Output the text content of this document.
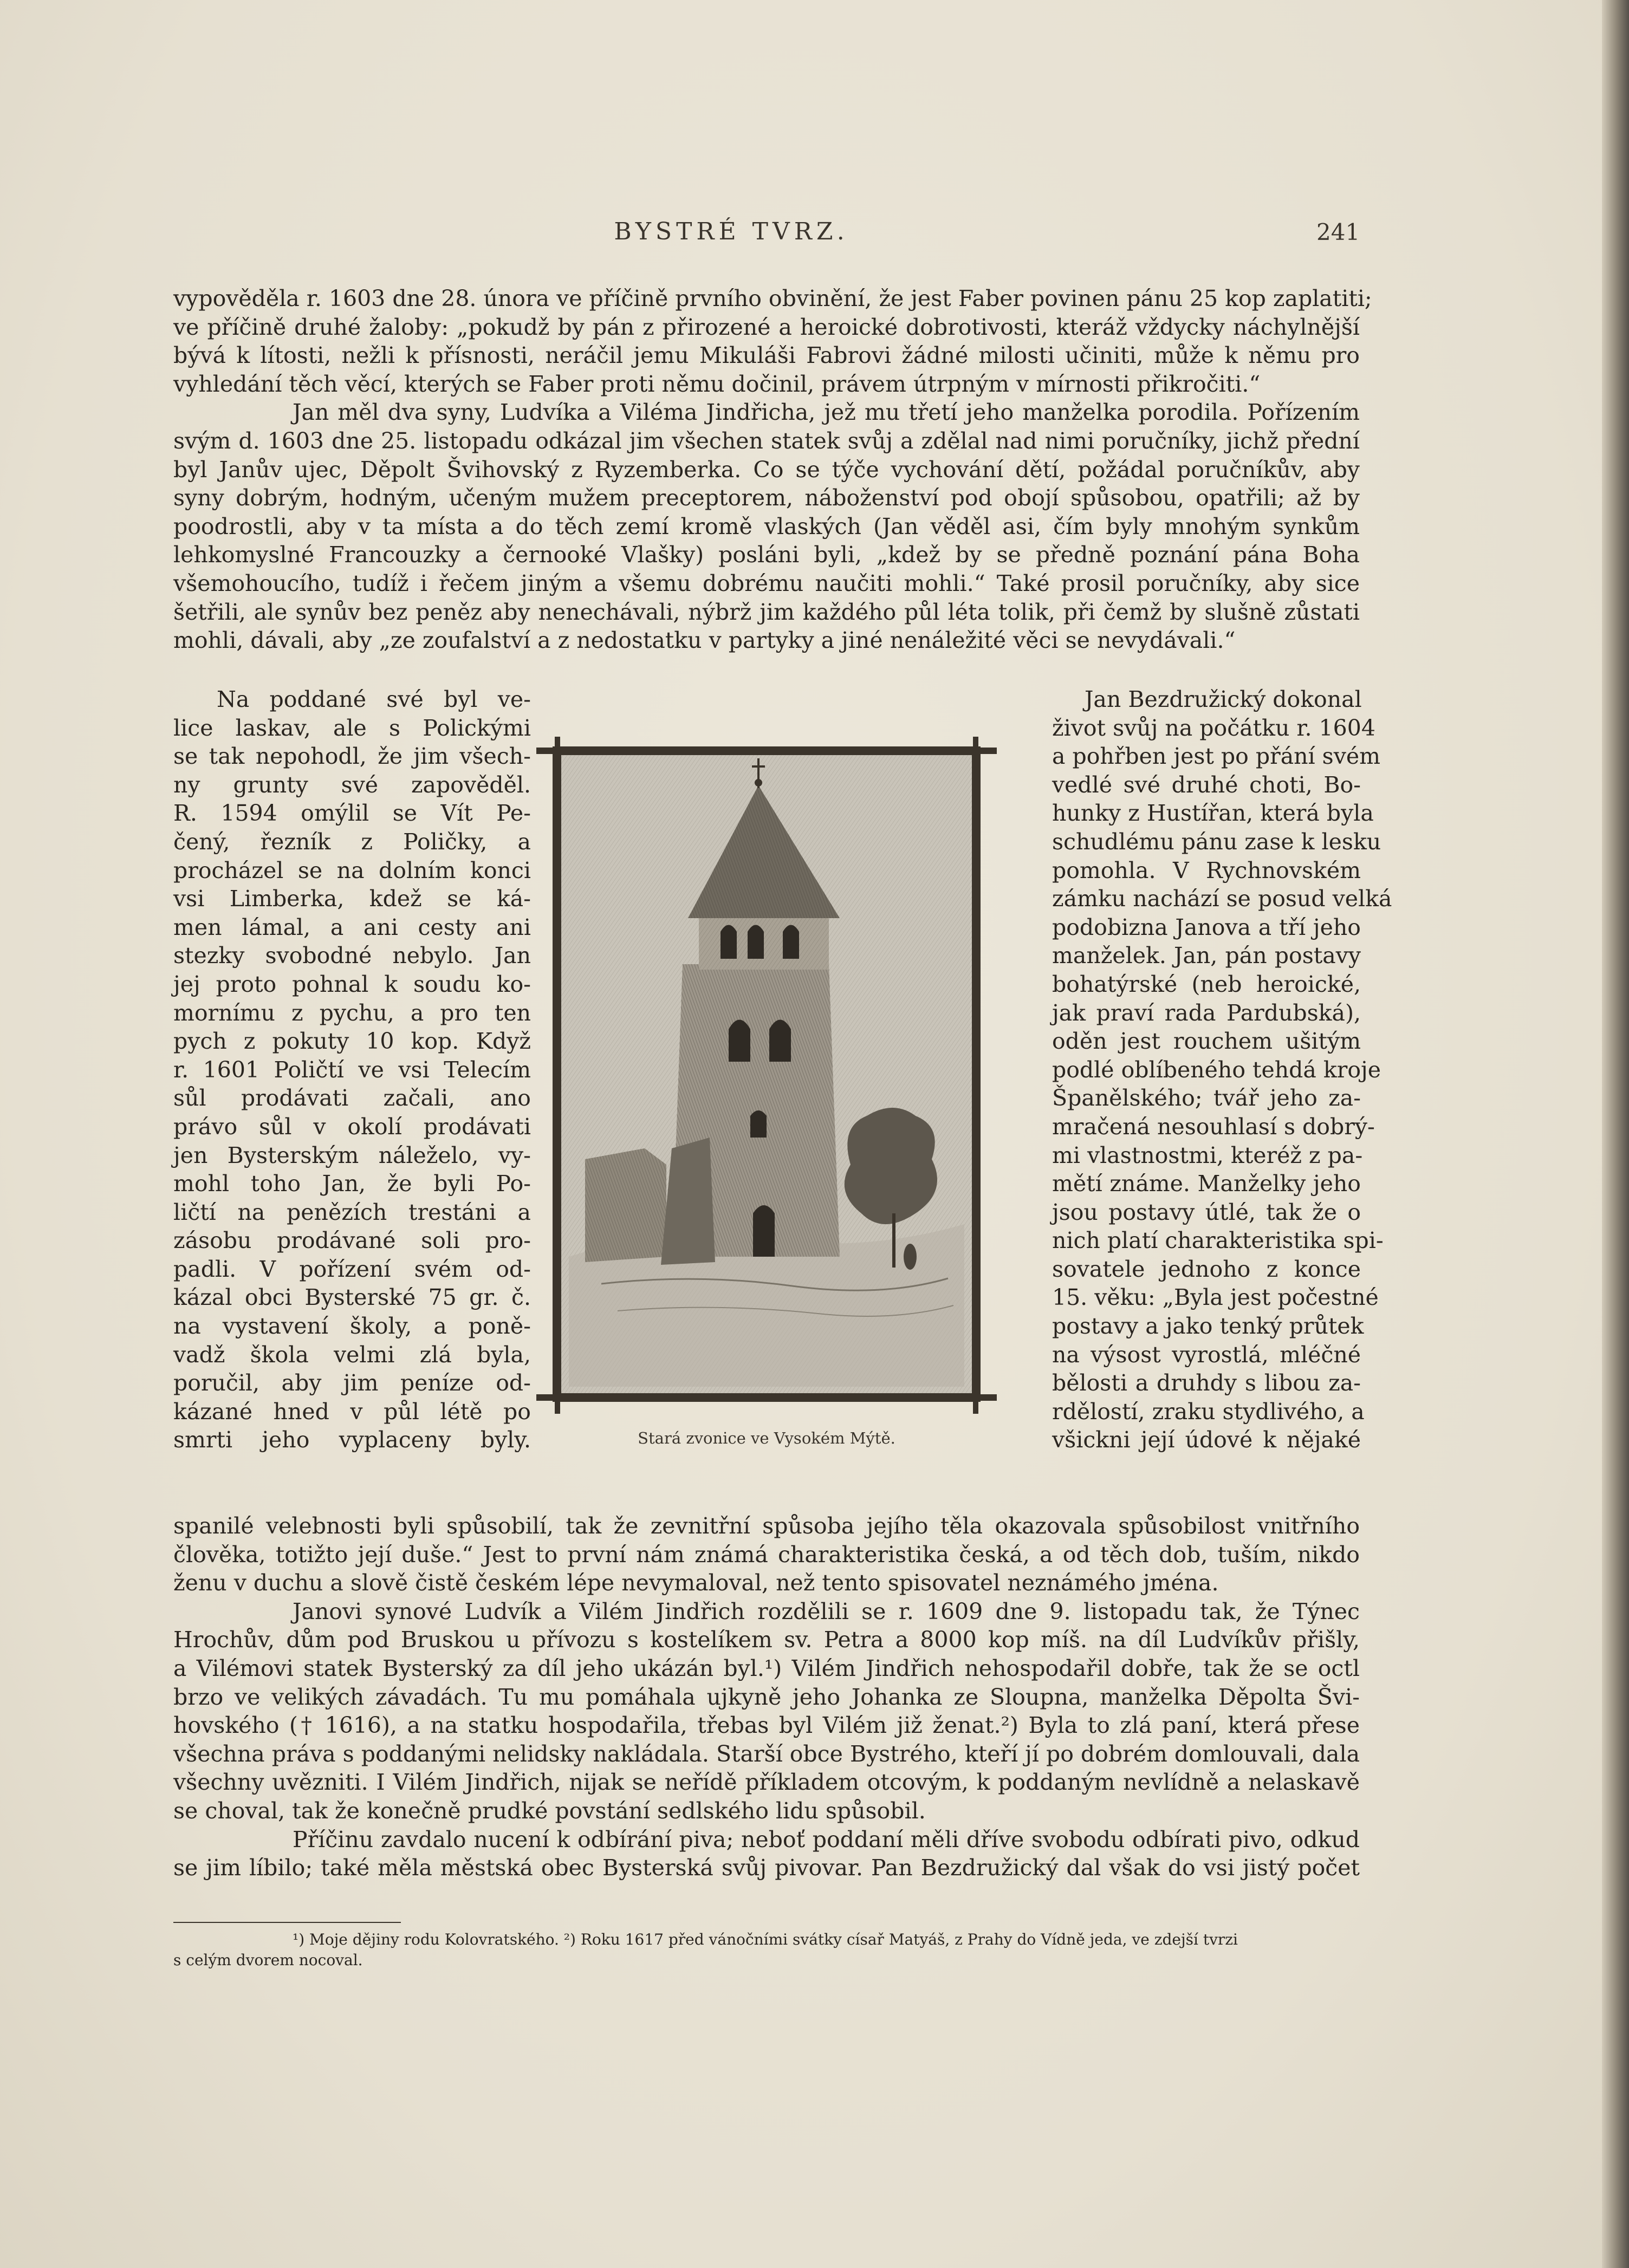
BYSTRÉ TVRZ.	241

vypověděla r. 1603 dne 28. února ve příčině prvního obvinění, že jest Faber povinen pánu 25 kop zaplatiti;

ve příčině druhé žaloby: „pokudž by pán z přirozené a heroické dobrotivosti, kteráž vždycky náchylnější

bývá k lítosti, nežli k přísnosti, neráčil jemu Mikuláši Fabrovi žádné milosti učiniti, může k němu pro

vyhledání těch věcí, kterých se Faber proti němu dočinil, právem útrpným v mírnosti přikročiti.“

Jan měl dva syny, Ludvíka a Viléma Jindřicha, jež mu třetí jeho manželka porodila. Pořízením

svým d. 1603 dne 25. listopadu odkázal jim všechen statek svůj a zdělal nad nimi poručníky, jichž přední

byl Janův ujec, Děpolt Švihovský z Ryzemberka. Co se týče vychování dětí, požádal poručníkův, aby

syny dobrým, hodným, učeným mužem preceptorem, náboženství pod obojí spůsobou, opatřili; až by

poodrostli, aby v ta místa a do těch zemí kromě vlaských (Jan věděl asi, čím byly mnohým synkům

lehkomyslné Francouzky a černooké Vlašky) posláni byli, „kdež by se předně poznání pána Boha

všemohoucího, tudíž i řečem jiným a všemu dobrému naučiti mohli.“ Také prosil poručníky, aby sice

šetřili, ale synův bez peněz aby nenechávali, nýbrž jim každého půl léta tolik, při čemž by slušně zůstati

mohli, dávali, aby „ze zoufalství a z nedostatku v partyky a jiné nenáležité věci se nevydávali.“

Na poddané své byl ve-

lice laskav, ale s Polickými

se tak nepohodl, že jim všech-

ny grunty své zapověděl.

R. 1594 omýlil se Vít Pe-

čený, řezník z Poličky, a

procházel se na dolním konci

vsi Limberka, kdež se ká-

men lámal, a ani cesty ani

stezky svobodné nebylo. Jan

jej proto pohnal k soudu ko-

mornímu z pychu, a pro ten

pych z pokuty 10 kop. Když

r. 1601 Poličtí ve vsi Telecím

sůl prodávati začali, ano

právo sůl v okolí prodávati

jen Bysterským náleželo, vy-

mohl toho Jan, že byli Po-

ličtí na penězích trestáni a

zásobu prodávané soli pro-

padli. V pořízení svém od-

kázal obci Bysterské 75 gr. č.

na vystavení školy, a poně-

vadž škola velmi zlá byla,

poručil, aby jim peníze od-

kázané hned v půl létě po

smrti jeho vyplaceny byly.

Jan Bezdružický dokonal

život svůj na počátku r. 1604

a pohřben jest po přání svém

vedlé své druhé choti, Bo-

hunky z Hustířan, která byla

schudlému pánu zase k lesku

pomohla. V Rychnovském

zámku nachází se posud velká

podobizna Janova a tří jeho

manželek. Jan, pán postavy

bohatýrské (neb heroické,

jak praví rada Pardubská),

oděn jest rouchem ušitým

podlé oblíbeného tehdá kroje

Španělského; tvář jeho za-

mračená nesouhlasí s dobrý-

mi vlastnostmi, kteréž z pa-

mětí známe. Manželky jeho

jsou postavy útlé, tak že o

nich platí charakteristika spi-

sovatele jednoho z konce

15. věku: „Byla jest počestné

postavy a jako tenký průtek

na výsost vyrostlá, mléčné

bělosti a druhdy s libou za-

rdělostí, zraku stydlivého, a

všickni její údové k nějaké

Stará zvonice ve Vysokém Mýtě.

spanilé velebnosti byli spůsobilí, tak že zevnitřní spůsoba jejího těla okazovala spůsobilost vnitřního

člověka, totižto její duše.“ Jest to první nám známá charakteristika česká, a od těch dob, tuším, nikdo

ženu v duchu a slově čistě českém lépe nevymaloval, než tento spisovatel neznámého jména.

Janovi synové Ludvík a Vilém Jindřich rozdělili se r. 1609 dne 9. listopadu tak, že Týnec

Hrochův, dům pod Bruskou u přívozu s kostelíkem sv. Petra a 8000 kop míš. na díl Ludvíkův přišly,

a Vilémovi statek Bysterský za díl jeho ukázán byl.¹) Vilém Jindřich nehospodařil dobře, tak že se octl

brzo ve velikých závadách. Tu mu pomáhala ujkyně jeho Johanka ze Sloupna, manželka Děpolta Švi-

hovského († 1616), a na statku hospodařila, třebas byl Vilém již ženat.²) Byla to zlá paní, která přese

všechna práva s poddanými nelidsky nakládala. Starší obce Bystrého, kteří jí po dobrém domlouvali, dala

všechny uvězniti. I Vilém Jindřich, nijak se neřídě příkladem otcovým, k poddaným nevlídně a nelaskavě

se choval, tak že konečně prudké povstání sedlského lidu spůsobil.

Příčinu zavdalo nucení k odbírání piva; neboť poddaní měli dříve svobodu odbírati pivo, odkud

se jim líbilo; také měla městská obec Bysterská svůj pivovar. Pan Bezdružický dal však do vsi jistý počet

¹) Moje dějiny rodu Kolovratského. ²) Roku 1617 před vánočními svátky císař Matyáš, z Prahy do Vídně jeda, ve zdejší tvrzi
s celým dvorem nocoval.
